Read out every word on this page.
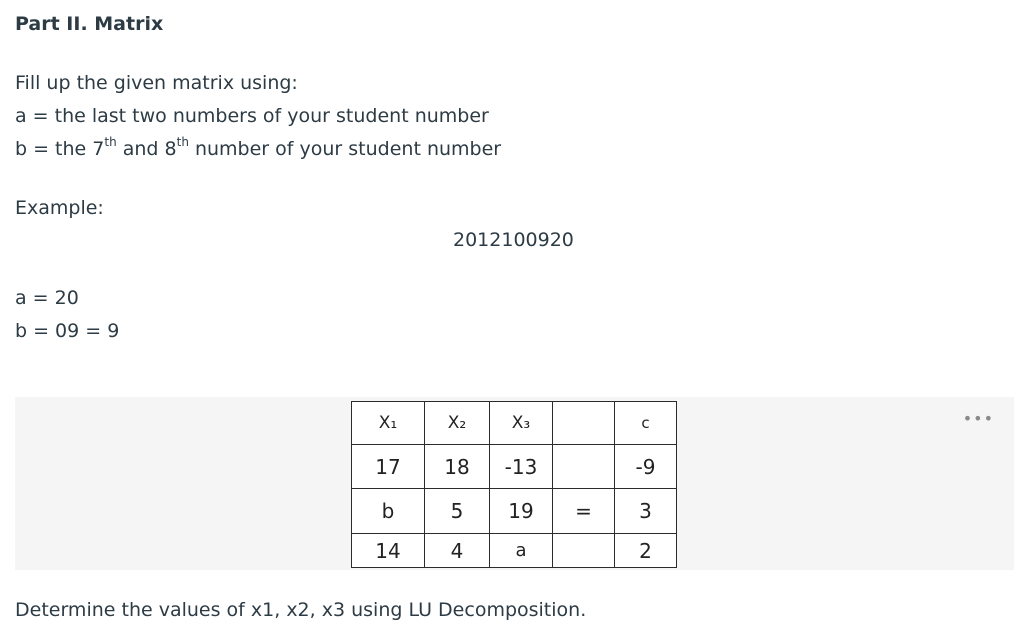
Part II. Matrix
Fill up the given matrix using:
a = the last two numbers of your student number
b = the 7th and 8th number of your student number
Example:
2012100920
a = 20
b = 09 = 9
•••
X₁	X₂	X₃		c
17	18	-13		-9
b	5	19	=	3
14	4	a		2
Determine the values of x1, x2, x3 using LU Decomposition.
